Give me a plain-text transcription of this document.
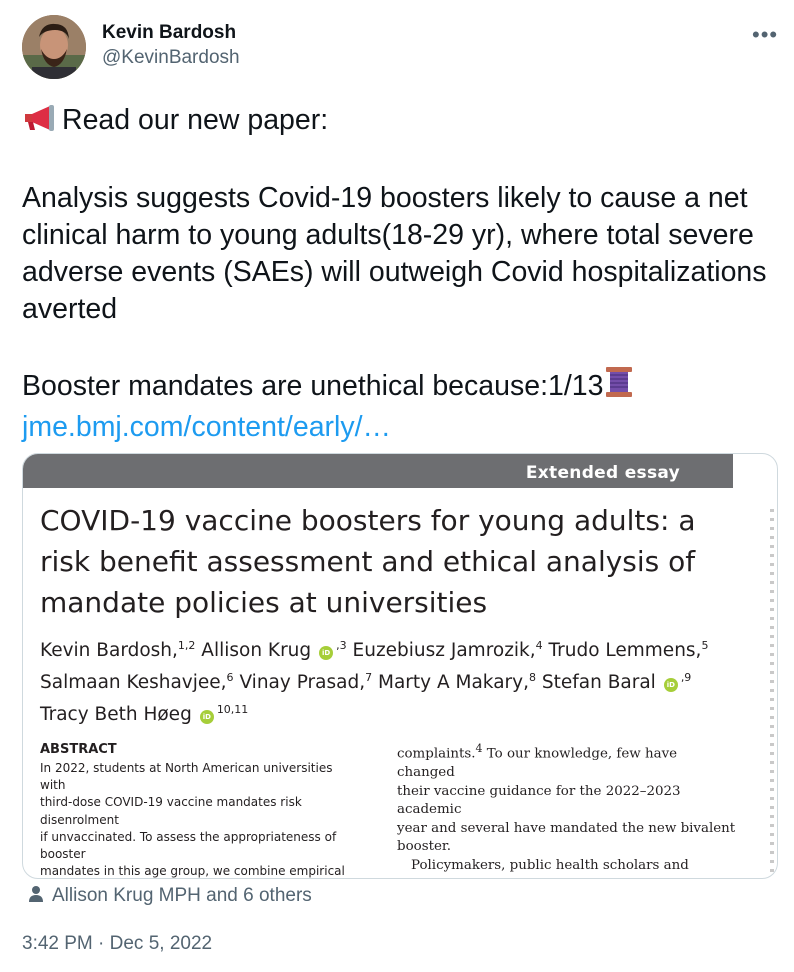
Kevin Bardosh
@KevinBardosh
•••

Read our new paper:

Analysis suggests Covid-19 boosters likely to cause a net clinical harm to young adults(18-29 yr), where total severe adverse events (SAEs) will outweigh Covid hospitalizations averted

Booster mandates are unethical because:1/13

jme.bmj.com/content/early/…

Extended essay
COVID-19 vaccine boosters for young adults: a risk benefit assessment and ethical analysis of mandate policies at universities
Kevin Bardosh,$^{1,2}$ Allison Krug $iD^{,3}$ Euzebiusz Jamrozik,$^4$ Trudo Lemmens,$^5$
Salmaan Keshavjee,$^6$ Vinay Prasad,$^7$ Marty A Makary,$^8$ Stefan Baral $iD^{,9}$
Tracy Beth Høeg iD$^{10,11}$
ABSTRACT
In 2022, students at North American universities with
third-dose COVID-19 vaccine mandates risk disenrolment
if unvaccinated. To assess the appropriateness of booster
mandates in this age group, we combine empirical

complaints.$^4$ To our knowledge, few have changed

their vaccine guidance for the 2022–2023 academic

year and several have mandated the new bivalent

booster.

Policymakers, public health scholars and

Allison Krug MPH and 6 others
3:42 PM · Dec 5, 2022
